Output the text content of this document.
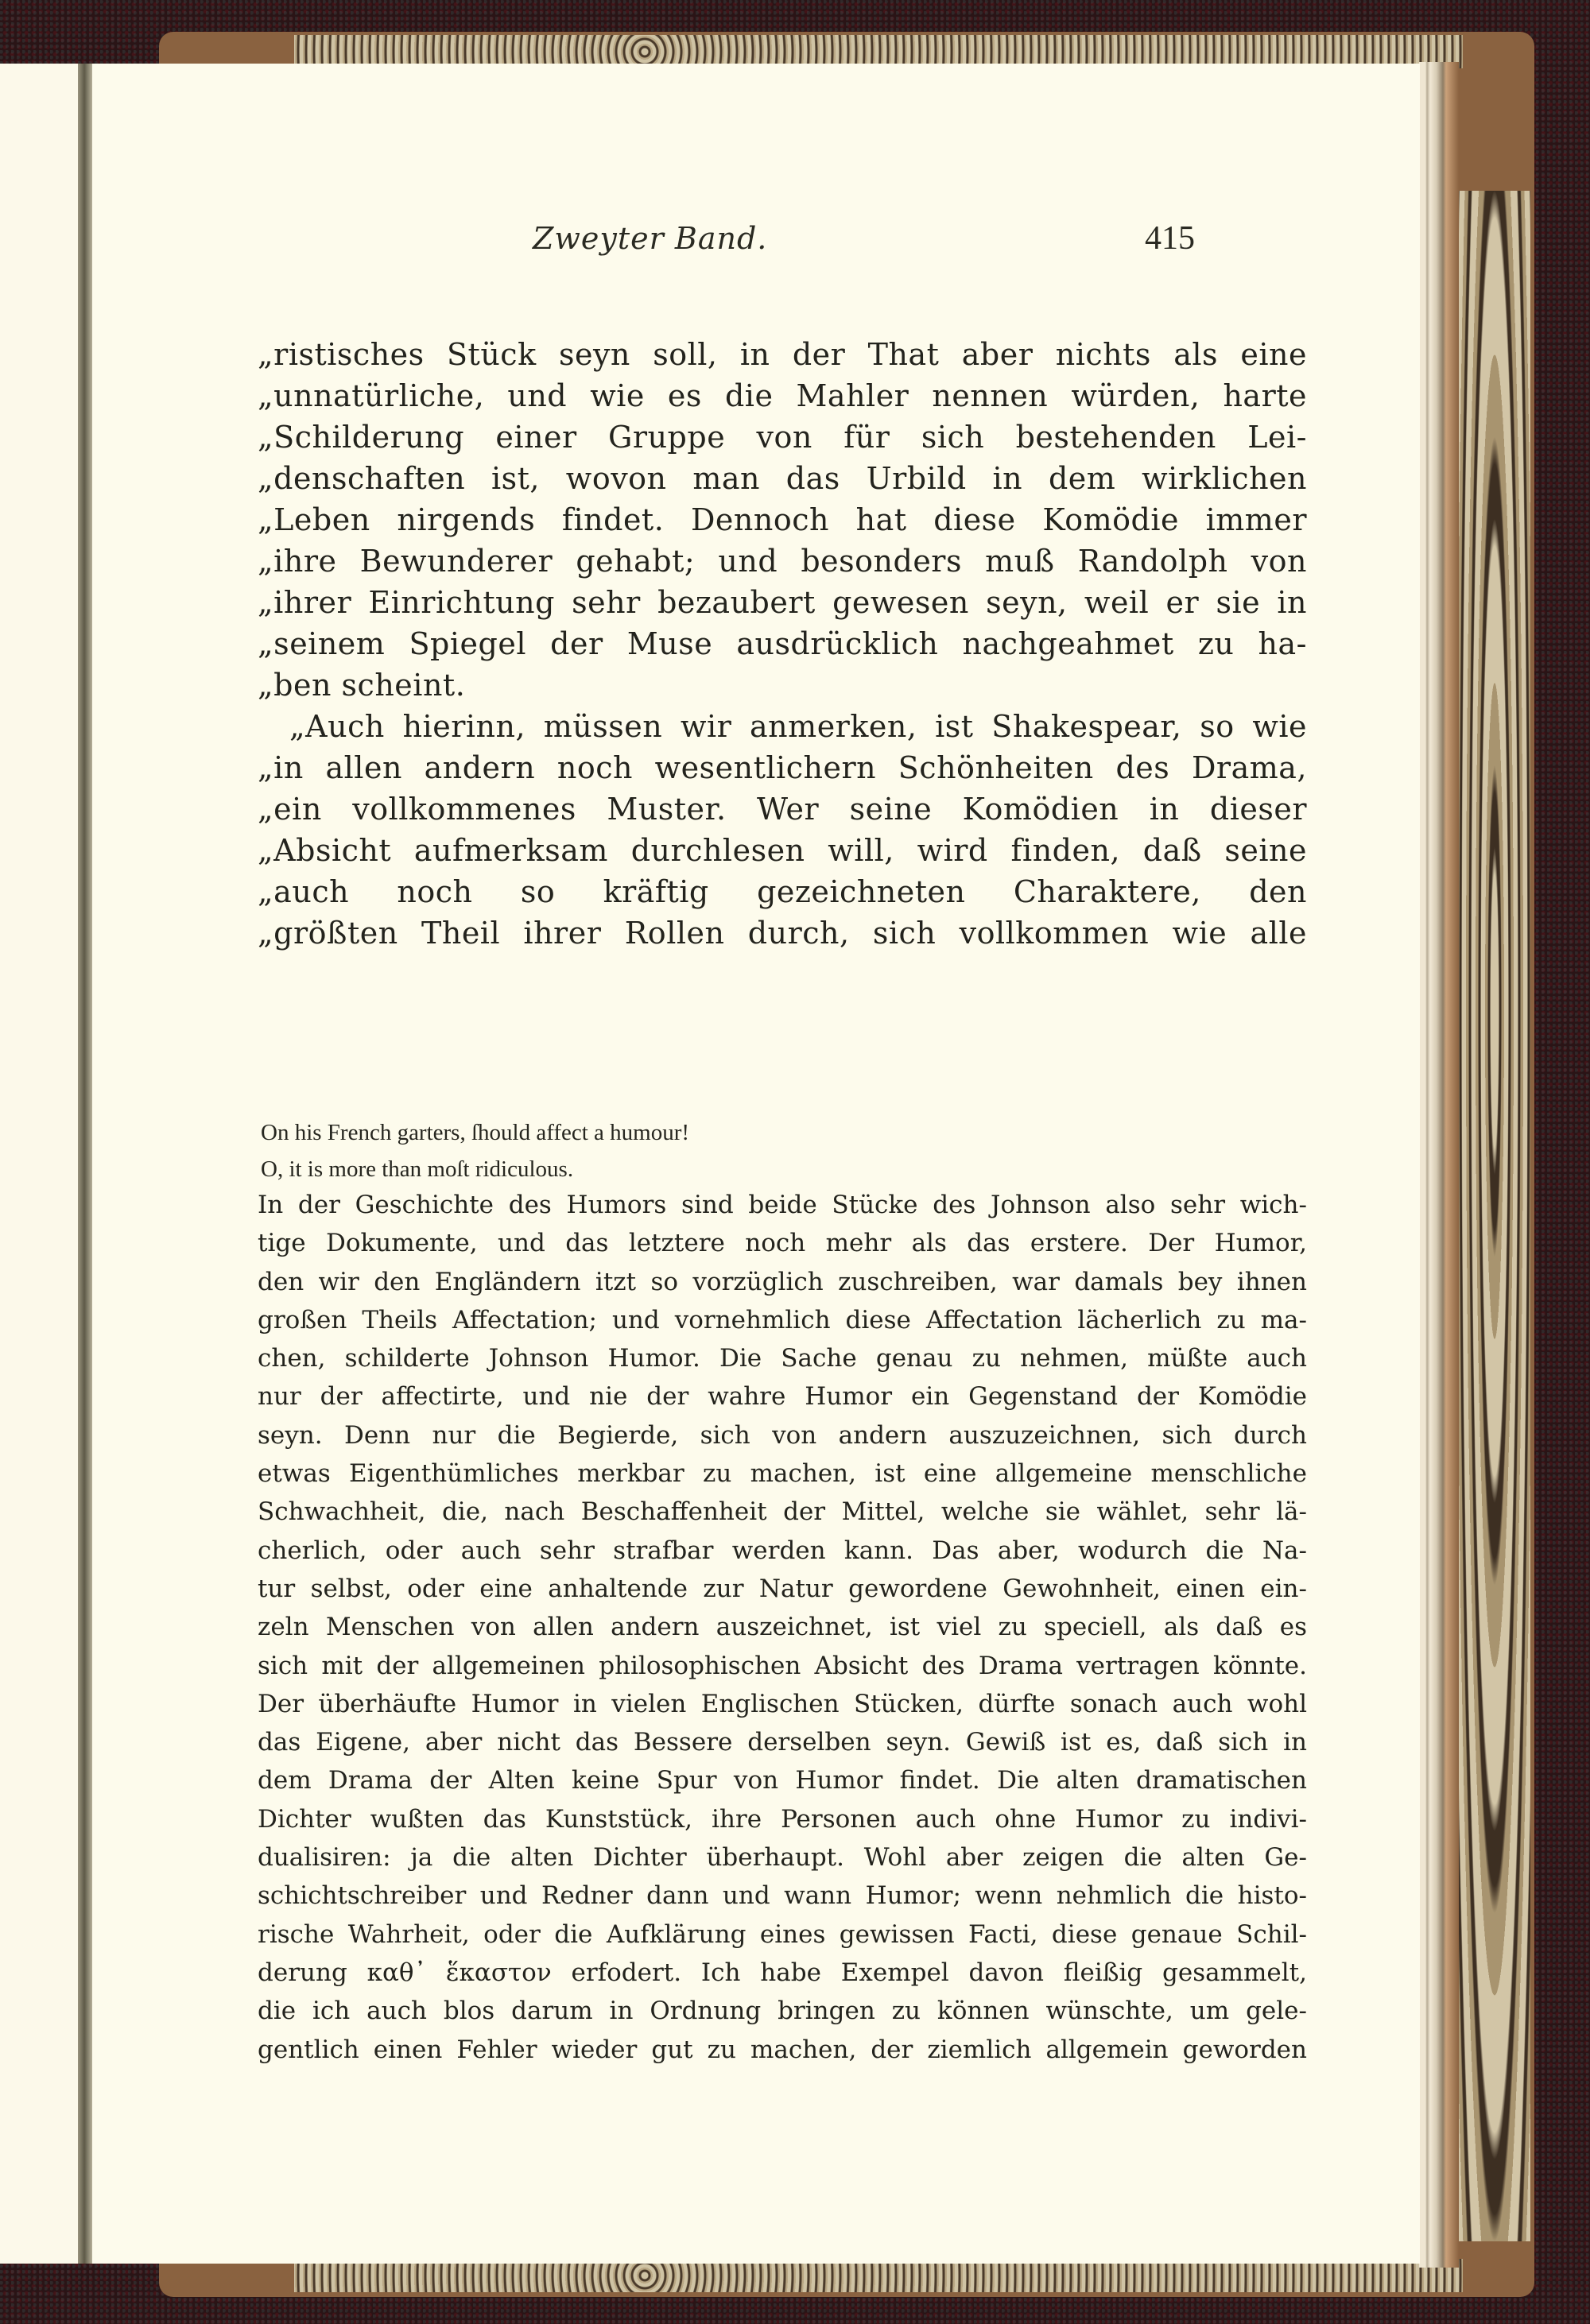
Zweyter Band.	415
„ristisches Stück seyn soll, in der That aber nichts als eine
„unnatürliche, und wie es die Mahler nennen würden, harte
„Schilderung einer Gruppe von für sich bestehenden Lei-
„denschaften ist, wovon man das Urbild in dem wirklichen
„Leben nirgends findet. Dennoch hat diese Komödie immer
„ihre Bewunderer gehabt; und besonders muß Randolph von
„ihrer Einrichtung sehr bezaubert gewesen seyn, weil er sie in
„seinem Spiegel der Muse ausdrücklich nachgeahmet zu ha-
„ben scheint.
„Auch hierinn, müssen wir anmerken, ist Shakespear, so wie
„in allen andern noch wesentlichern Schönheiten des Drama,
„ein vollkommenes Muster. Wer seine Komödien in dieser
„Absicht aufmerksam durchlesen will, wird finden, daß seine
„auch noch so kräftig gezeichneten Charaktere, den
„größten Theil ihrer Rollen durch, sich vollkommen wie alle
On his French garters, ſhould affect a humour!
O, it is more than moſt ridiculous.
In der Geschichte des Humors sind beide Stücke des Johnson also sehr wich-
tige Dokumente, und das letztere noch mehr als das erstere. Der Humor,
den wir den Engländern itzt so vorzüglich zuschreiben, war damals bey ihnen
großen Theils Affectation; und vornehmlich diese Affectation lächerlich zu ma-
chen, schilderte Johnson Humor. Die Sache genau zu nehmen, müßte auch
nur der affectirte, und nie der wahre Humor ein Gegenstand der Komödie
seyn. Denn nur die Begierde, sich von andern auszuzeichnen, sich durch
etwas Eigenthümliches merkbar zu machen, ist eine allgemeine menschliche
Schwachheit, die, nach Beschaffenheit der Mittel, welche sie wählet, sehr lä-
cherlich, oder auch sehr strafbar werden kann. Das aber, wodurch die Na-
tur selbst, oder eine anhaltende zur Natur gewordene Gewohnheit, einen ein-
zeln Menschen von allen andern auszeichnet, ist viel zu speciell, als daß es
sich mit der allgemeinen philosophischen Absicht des Drama vertragen könnte.
Der überhäufte Humor in vielen Englischen Stücken, dürfte sonach auch wohl
das Eigene, aber nicht das Bessere derselben seyn. Gewiß ist es, daß sich in
dem Drama der Alten keine Spur von Humor findet. Die alten dramatischen
Dichter wußten das Kunststück, ihre Personen auch ohne Humor zu indivi-
dualisiren: ja die alten Dichter überhaupt. Wohl aber zeigen die alten Ge-
schichtschreiber und Redner dann und wann Humor; wenn nehmlich die histo-
rische Wahrheit, oder die Aufklärung eines gewissen Facti, diese genaue Schil-
derung καθ᾽ ἕκαστον erfodert. Ich habe Exempel davon fleißig gesammelt,
die ich auch blos darum in Ordnung bringen zu können wünschte, um gele-
gentlich einen Fehler wieder gut zu machen, der ziemlich allgemein geworden
